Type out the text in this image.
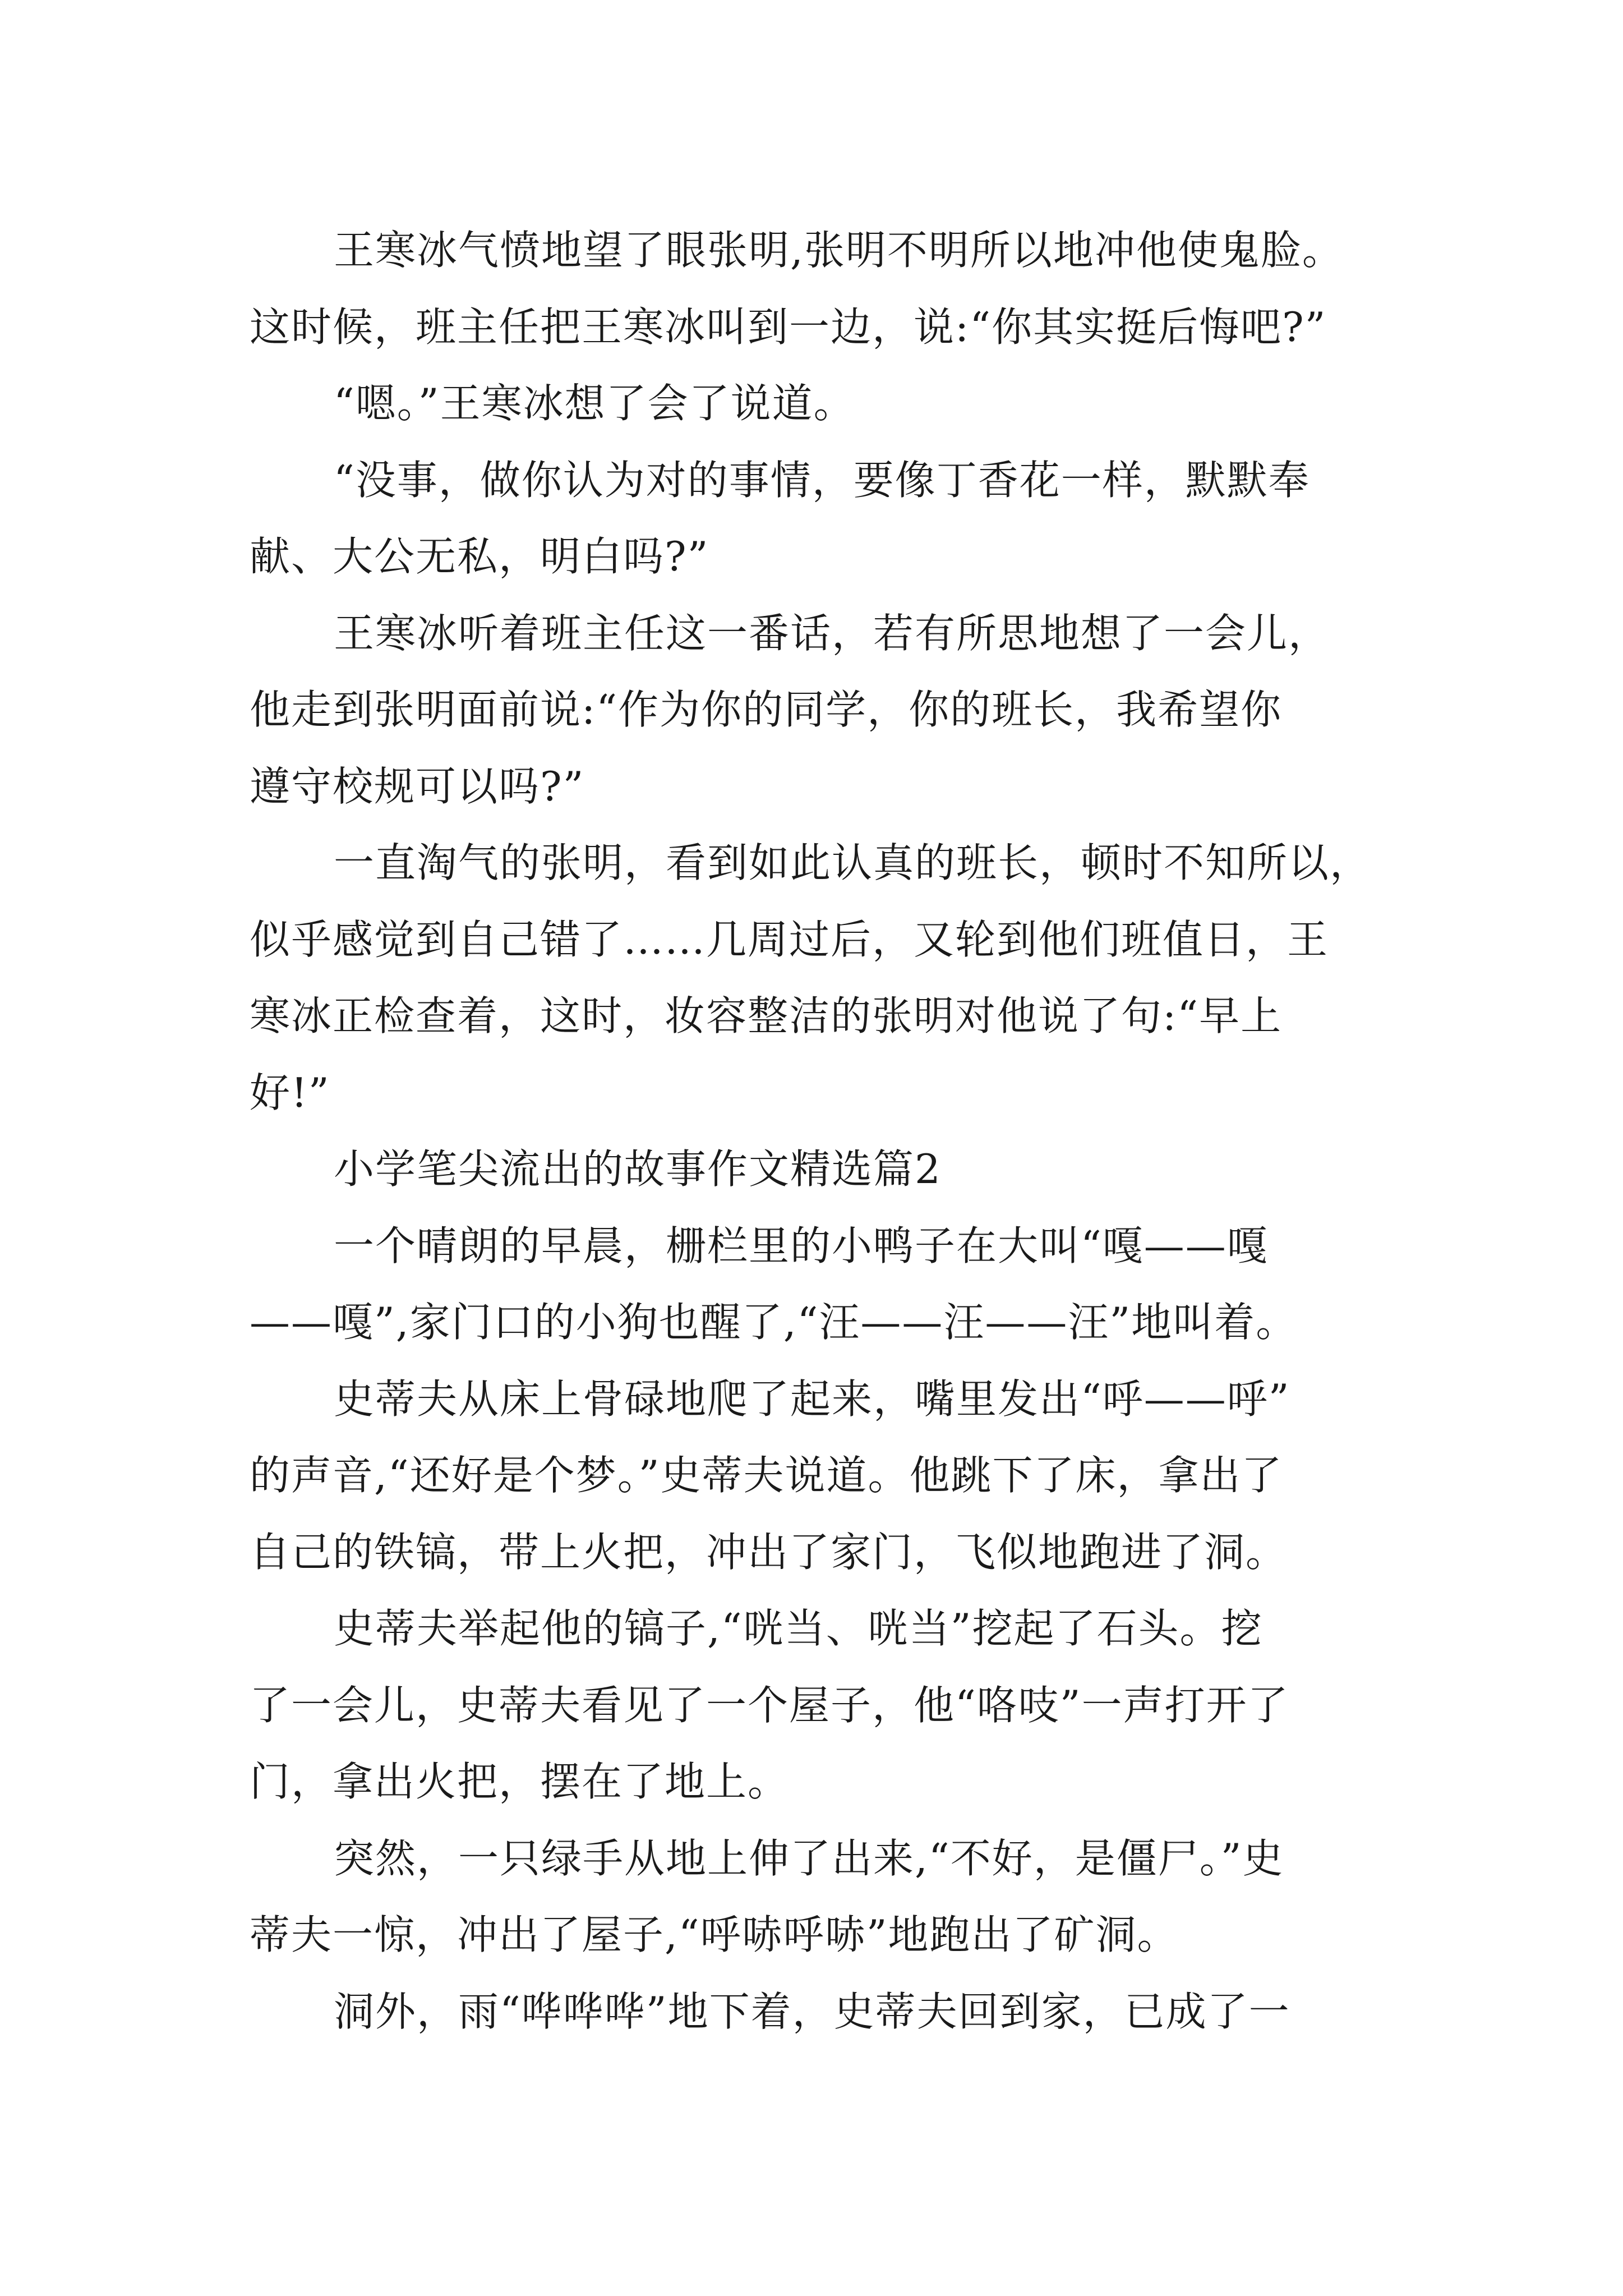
王寒冰气愤地望了眼张明,张明不明所以地冲他使鬼脸。
这时候，班主任把王寒冰叫到一边，说:“你其实挺后悔吧?”
“嗯。”王寒冰想了会了说道。
“没事，做你认为对的事情，要像丁香花一样，默默奉
献、大公无私，明白吗?”
王寒冰听着班主任这一番话，若有所思地想了一会儿，
他走到张明面前说:“作为你的同学，你的班长，我希望你
遵守校规可以吗?”
一直淘气的张明，看到如此认真的班长，顿时不知所以，
似乎感觉到自己错了……几周过后，又轮到他们班值日，王
寒冰正检查着，这时，妆容整洁的张明对他说了句:“早上
好!”
小学笔尖流出的故事作文精选篇2
一个晴朗的早晨，栅栏里的小鸭子在大叫“嘎——嘎
——嘎”,家门口的小狗也醒了,“汪——汪——汪”地叫着。
史蒂夫从床上骨碌地爬了起来，嘴里发出“呼——呼”
的声音,“还好是个梦。”史蒂夫说道。他跳下了床，拿出了
自己的铁镐，带上火把，冲出了家门，飞似地跑进了洞。
史蒂夫举起他的镐子,“咣当、咣当”挖起了石头。挖
了一会儿，史蒂夫看见了一个屋子，他“咯吱”一声打开了
门，拿出火把，摆在了地上。
突然，一只绿手从地上伸了出来,“不好，是僵尸。”史
蒂夫一惊，冲出了屋子,“呼哧呼哧”地跑出了矿洞。
洞外，雨“哗哗哗”地下着，史蒂夫回到家，已成了一
